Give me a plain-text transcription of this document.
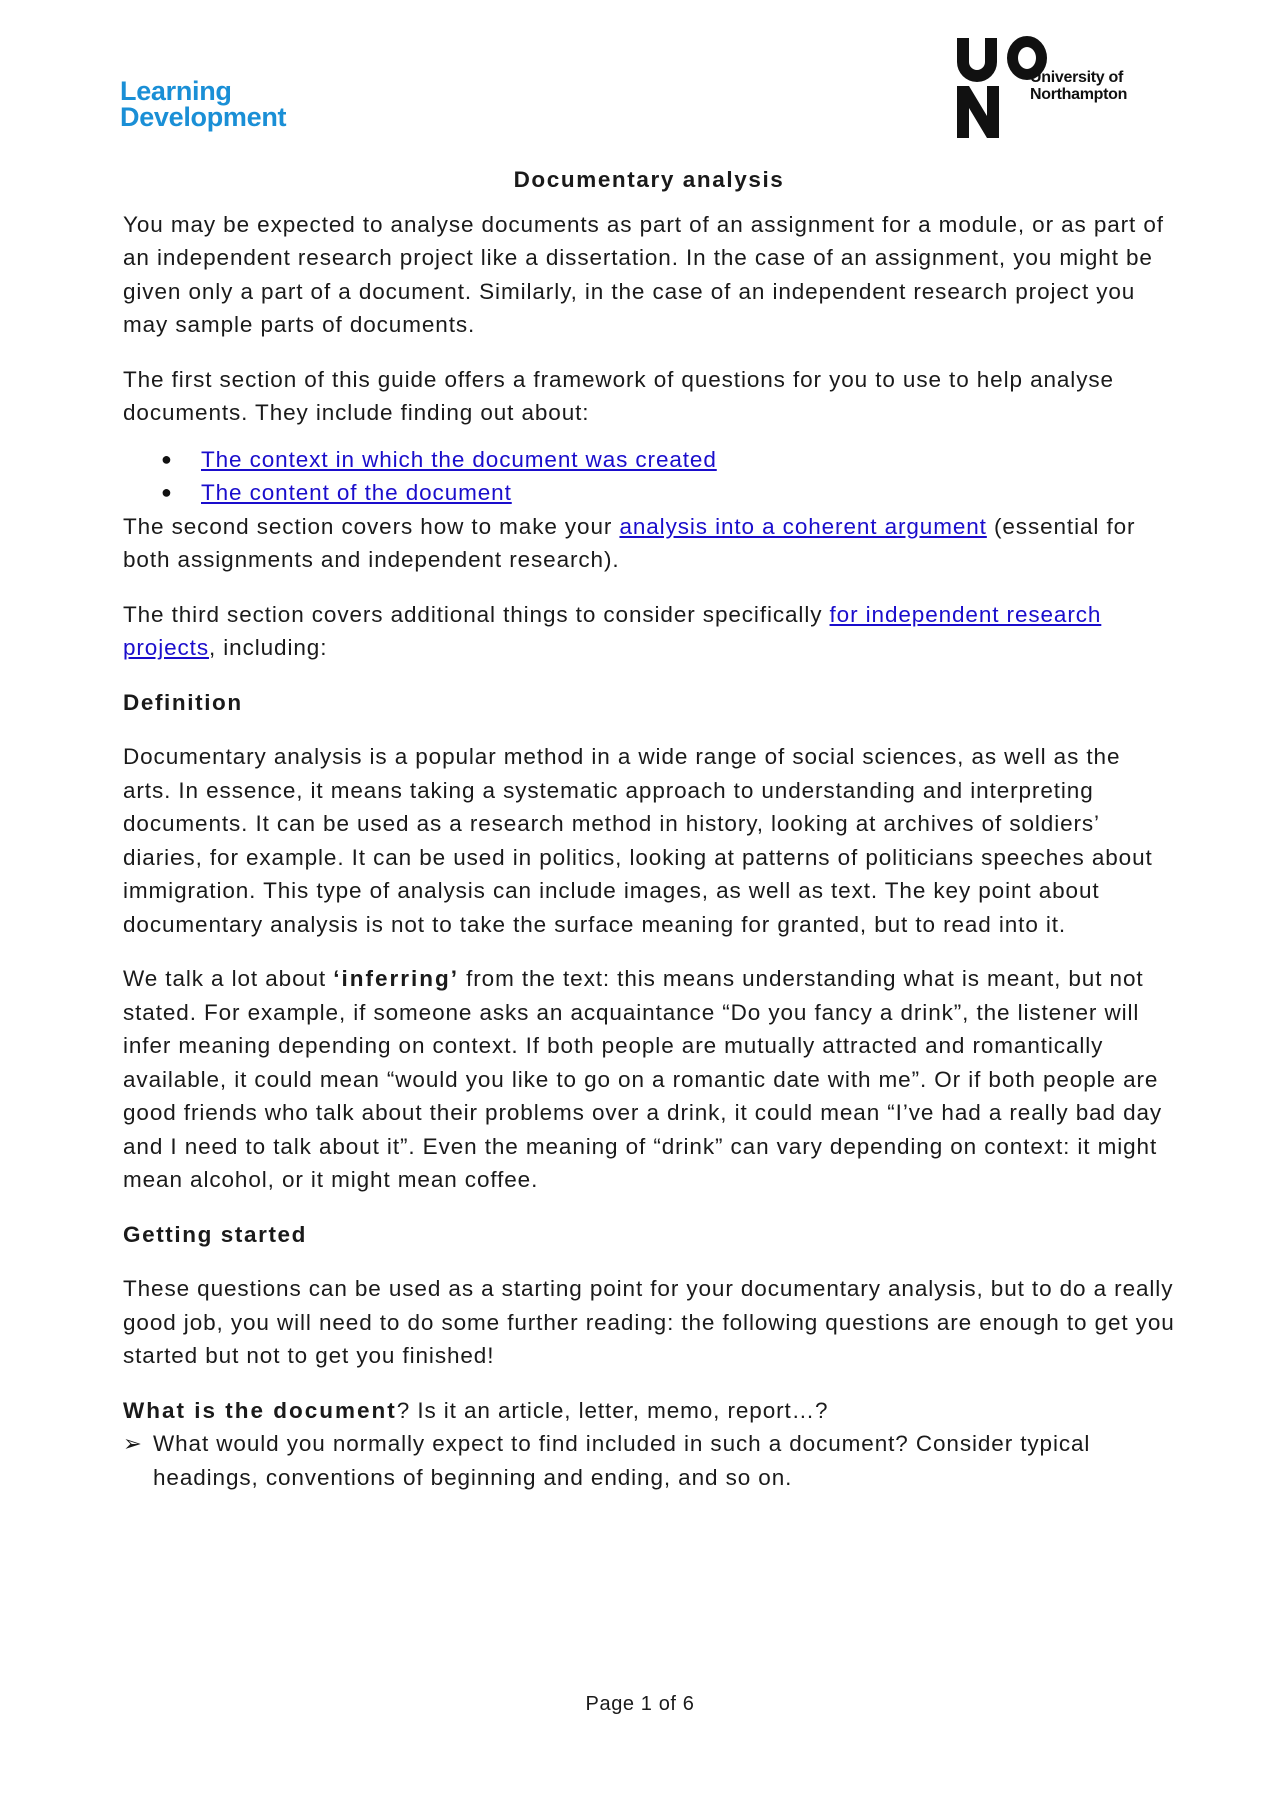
Learning
Development
University of
Northampton
Documentary analysis

You may be expected to analyse documents as part of an assignment for a module, or as part of an independent research project like a dissertation. In the case of an assignment, you might be given only a part of a document. Similarly, in the case of an independent research project you may sample parts of documents.

The first section of this guide offers a framework of questions for you to use to help analyse documents. They include finding out about:

● The context in which the document was created
● The content of the document

The second section covers how to make your analysis into a coherent argument (essential for both assignments and independent research).

The third section covers additional things to consider specifically for independent research projects, including:

Definition

Documentary analysis is a popular method in a wide range of social sciences, as well as the arts. In essence, it means taking a systematic approach to understanding and interpreting documents. It can be used as a research method in history, looking at archives of soldiers’ diaries, for example. It can be used in politics, looking at patterns of politicians speeches about immigration. This type of analysis can include images, as well as text. The key point about documentary analysis is not to take the surface meaning for granted, but to read into it.

We talk a lot about ‘inferring’ from the text: this means understanding what is meant, but not stated. For example, if someone asks an acquaintance “Do you fancy a drink”, the listener will infer meaning depending on context. If both people are mutually attracted and romantically available, it could mean “would you like to go on a romantic date with me”. Or if both people are good friends who talk about their problems over a drink, it could mean “I’ve had a really bad day and I need to talk about it”. Even the meaning of “drink” can vary depending on context: it might mean alcohol, or it might mean coffee.

Getting started

These questions can be used as a starting point for your documentary analysis, but to do a really good job, you will need to do some further reading: the following questions are enough to get you started but not to get you finished!

What is the document? Is it an article, letter, memo, report…?
➢ What would you normally expect to find included in such a document? Consider typical headings, conventions of beginning and ending, and so on.
Page 1 of 6
